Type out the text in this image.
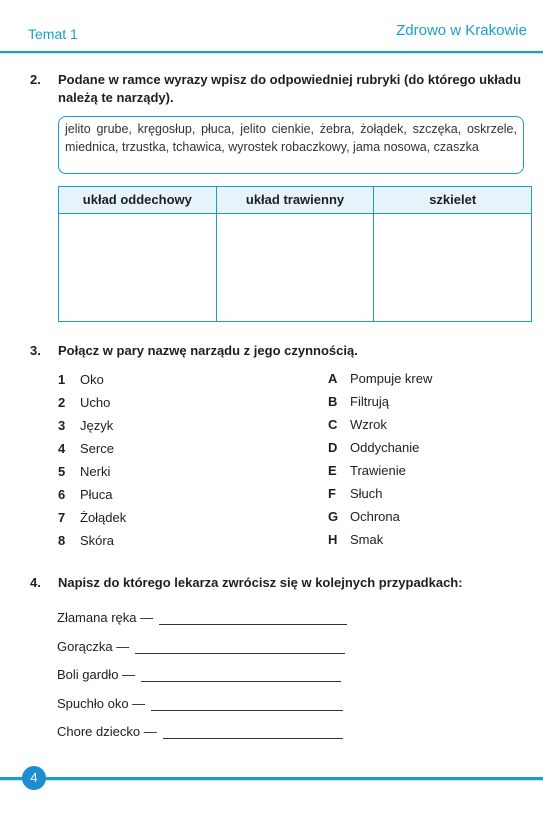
Temat 1	Zdrowo w Krakowie
2. Podane w ramce wyrazy wpisz do odpowiedniej rubryki (do którego układu należą te narządy).
jelito grube, kręgosłup, płuca, jelito cienkie, żebra, żołądek, szczęka, oskrzele, miednica, trzustka, tchawica, wyrostek robaczkowy, jama nosowa, czaszka
układ oddechowy	układ trawienny	szkielet
3. Połącz w pary nazwę narządu z jego czynnością.
1	Oko
2	Ucho
3	Język
4	Serce
5	Nerki
6	Płuca
7	Żołądek
8	Skóra
A Pompuje krew
B Filtrują
C Wzrok
D Oddychanie
E	Trawienie
F	Słuch
G Ochrona
H Smak
4. Napisz do którego lekarza zwrócisz się w kolejnych przypadkach:
Złamana ręka —
Gorączka —
Boli gardło —
Spuchło oko —
Chore dziecko —
4
